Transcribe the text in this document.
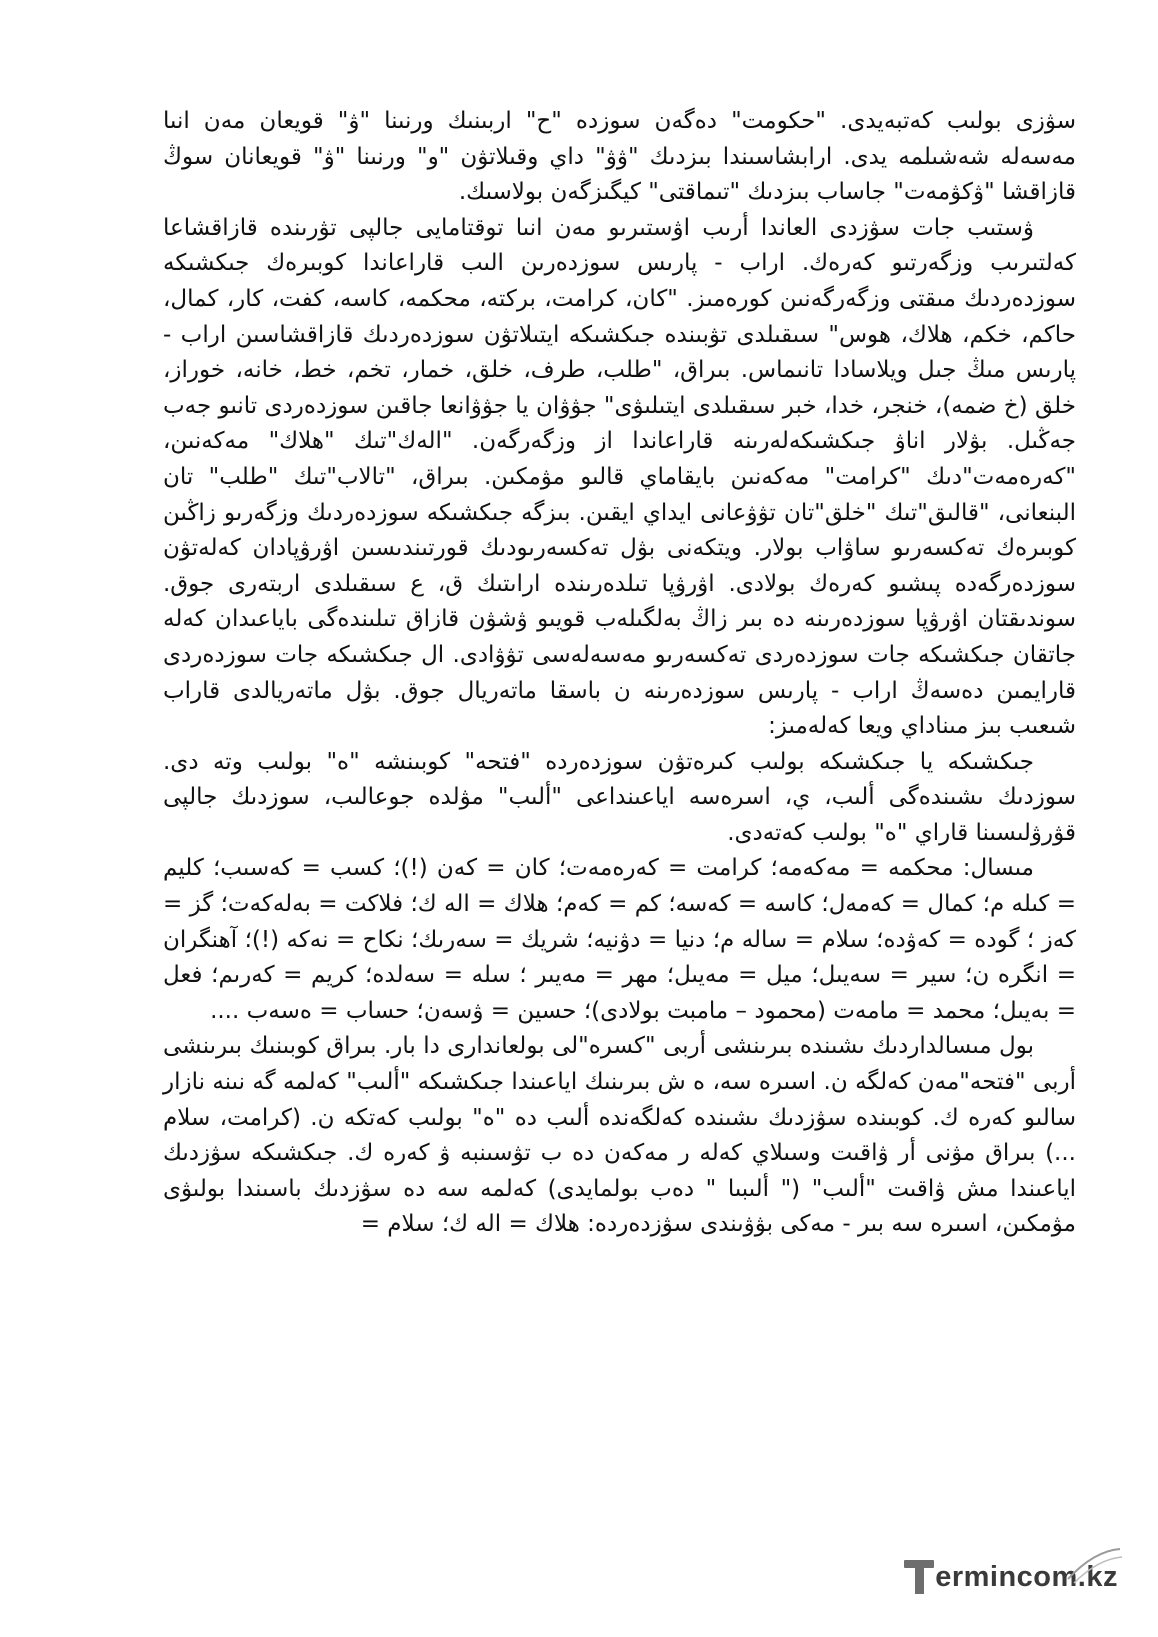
سۋزى بولىب كەتبەيدى. "حكومت" دەگەن سوزدە "ح" اربىنىك ورنىنا "ۋ" قويعان مەن انىا مەسەلە شەشىلمە يدى. ارابشاسىندا بىزدىك "ۋۋ" داي وقىلاتۋن "و" ورنىنا "ۋ" قويعانان سوڭ قازاقشا "ۋكۋمەت" جاساب بىزدىك "تىماقتى" كيگىزگەن بولاسىك.

ۋستىب جات سۋزدى العاندا أرىب اۋستىرىو مەن انىا توقتامايى جالپى تۋرىندە قازاقشاعا كەلتىرىب وزگەرتىو كەرەك. اراب - پارىس سوزدەرىن الىب قاراعاندا كوبىرەك جىكشىكە سوزدەردىك مىقتى وزگەرگەنىن كورەمىز. "كان، كرامت، بركته، محكمه، كاسه، كفت، كار، كمال، حاكم، خكم، هلاك، هوس" سىقىلدى تۋبىندە جىكشىكە ايتىلاتۋن سوزدەردىك قازاقشاسىن اراب - پارىس مىڭ جىل ويلاسادا تانىماس. بىراق، "طلب، طرف، خلق، خمار، تخم، خط، خانه، خوراز، خلق (خ ضمه)، خنجر، خدا، خبر سىقىلدى ايتىلىۋى" جۋۋان يا جۋۋانعا جاقىن سوزدەردى تانىو جەب جەڭىل. بۋلار اناۋ جىكشىكەلەرىنە قاراعاندا از وزگەرگەن. "الەك"تىك "هلاك" مەكەنىن، "كەرەمەت"دىك "كرامت" مەكەنىن بايقاماي قالىو مۋمكىن. بىراق، "تالاب"تىك "طلب" تان البنعانى، "قالىق"تىك "خلق"تان تۋۋعانى ايداي ايقىن. بىزگە جىكشىكە سوزدەردىك وزگەرىو زاڭىن كوبىرەك تەكسەرىو ساۋاب بولار. ويتكەنى بۋل تەكسەرىودىك قورتىندىسىن اۋرۋپادان كەلەتۋن سوزدەرگەدە پىشىو كەرەك بولادى. اۋرۋپا تىلدەرىندە اراىتىك ق، ع سىقىلدى اربتەرى جوق. سوندىقتان اۋرۋپا سوزدەرىنە دە بىر زاڭ بەلگىلەب قويىو ۋشۋن قازاق تىلىندەگى باياعىدان كەلە جاتقان جىكشىكە جات سوزدەردى تەكسەرىو مەسەلەسى تۋۋادى. ال جىكشىكە جات سوزدەردى قارايمىن دەسەڭ اراب - پارىس سوزدەرىنە ن باسقا ماتەريال جوق. بۋل ماتەريالدى قاراب شىعىب بىز مىناداي ويعا كەلەمىز:

جىكشىكە يا جىكشىكە بولىب كىرەتۋن سوزدەردە "فتحه" كوبىنشە "ە" بولىب وتە دى. سوزدىك ىشىندەگى ألىب، ي، اسرەسە اياعىنداعى "ألىب" مۋلدە جوعالىب، سوزدىك جالپى قۋرۋلىسىنا قاراي "ە" بولىب كەتەدى.

مىسال: محكمه = مەكەمە؛ كرامت = كەرەمەت؛ كان = كەن (!)؛ كسب = كەسىب؛ كليم = كىلە م؛ كمال = كەمەل؛ كاسه = كەسە؛ كم = كەم؛ هلاك = اله ك؛ فلاكت = بەلەكەت؛ گز = كەز ؛ گوده = كەۋدە؛ سلام = ساله م؛ دنيا = دۋنيە؛ شريك = سەرىك؛ نكاح = نەكە (!)؛ آهنگران = انگره ن؛ سير = سەيىل؛ ميل = مەيىل؛ مهر = مەيىر ؛ سله = سەلدە؛ كريم = كەرىم؛ فعل = بەيىل؛ محمد = مامەت (محمود – مامبت بولادى)؛ حسين = ۋسەن؛ حساب = ەسەب ....

بول مىسالداردىك ىشىندە بىرىنشى أربى "كسره"لى بولعاندارى دا بار. بىراق كوبىنىك بىرىنشى أربى "فتحه"مەن كەلگە ن. اسىرە سە، ە ش بىرىنىك اياعىندا جىكشىكە "ألىب" كەلمە گە نىنە نازار سالىو كەرە ك. كوبىندە سۋزدىك ىشىندە كەلگەندە ألىب دە "ە" بولىب كەتكە ن. (كرامت، سلام ...) بىراق مۋنى أر ۋاقىت وسىلاي كەلە ر مەكەن دە ب تۋسىنبە ۋ كەرە ك. جىكشىكە سۋزدىك اياعىندا مش ۋاقىت "ألىب" (" ألىبىا " دەب بولمايدى) كەلمە سە دە سۋزدىك باسىندا بولىۋى مۋمكىن، اسىرە سە بىر - مەكى بۋۋىندى سۋزدەردە: هلاك = اله ك؛ سلام =

ermincom.kz
